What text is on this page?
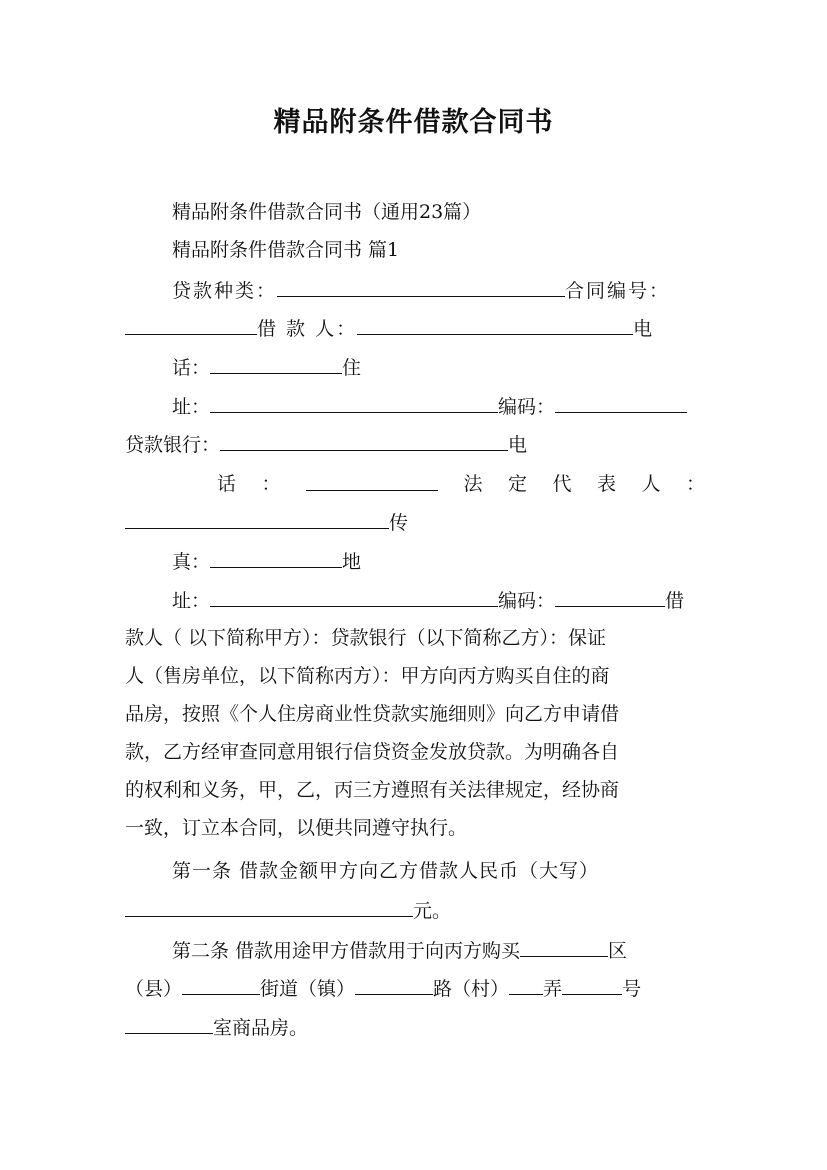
精品附条件借款合同书

精品附条件借款合同书（通用23篇）

精品附条件借款合同书 篇1

贷款种类：	合同编号：

借 款 人：	电

话：	住

址：	编码：

贷款银行：	电

话 ：	法 定 代 表 人 ：

传

真：	地

址：	编码：	借

款人（ 以下简称甲方）：贷款银行（以下简称乙方）：保证

人（售房单位，以下简称丙方）：甲方向丙方购买自住的商

品房，按照《个人住房商业性贷款实施细则》向乙方申请借

款，乙方经审查同意用银行信贷资金发放贷款。为明确各自

的权利和义务，甲，乙，丙三方遵照有关法律规定，经协商

一致，订立本合同，以便共同遵守执行。

第一条 借款金额甲方向乙方借款人民币（大写）

元。

第二条 借款用途甲方借款用于向丙方购买	区

（县）	街道（镇）	路（村） 弄	号

室商品房。
